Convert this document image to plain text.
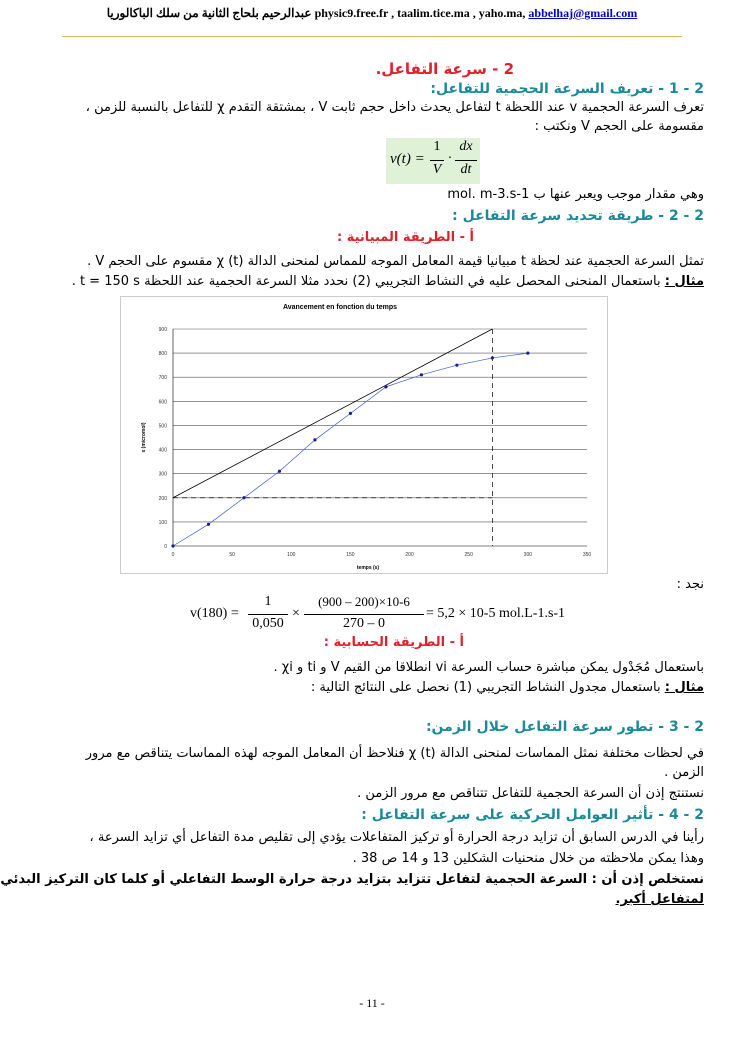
عبدالرحيم بلحاج الثانية من سلك الباكالوريا physic9.free.fr , taalim.tice.ma , yaho.ma, abbelhaj@gmail.com
2 - سرعة التفاعل.
2 - 1 - تعريف السرعة الحجمية للتفاعل:
تعرف السرعة الحجمية v عند اللحظة t لتفاعل يحدث داخل حجم ثابت V ، بمشتقة التقدم χ للتفاعل بالنسبة للزمن ،
مقسومة على الحجم V ونكتب :
v(t) =
1
V
·
dx
dt
وهي مقدار موجب ويعبر عنها ب mol. m-3.s-1
2 - 2 - طريقة تحديد سرعة التفاعل :
أ - الطريقة المبيانية :
تمثل السرعة الحجمية عند لحظة t مبيانيا قيمة المعامل الموجه للمماس لمنحنى الدالة χ (t) مقسوم على الحجم V .
مثال : باستعمال المنحنى المحصل عليه في النشاط التجريبي (2) نحدد مثلا السرعة الحجمية عند اللحظة t = 150 s .
Avancement en fonction du temps
0
100
200
300
400
500
600
700
800
900
0	50	100	150	200	250	300	350
x (micromol)
temps (s)
نجد :
v(180) =
1
0,050
×
(900 – 200)×10-6
270 – 0
= 5,2 × 10-5 mol.L-1.s-1
أ - الطريقة الحسابية :
باستعمال مُجَدْول يمكن مباشرة حساب السرعة vi انطلاقا من القيم V و ti و χi .
مثال : باستعمال مجدول النشاط التجريبي (1) نحصل على النتائج التالية :
2 - 3 - تطور سرعة التفاعل خلال الزمن:
في لحظات مختلفة نمثل المماسات لمنحنى الدالة χ (t) فنلاحظ أن المعامل الموجه لهذه المماسات يتناقص مع مرور
الزمن .
نستنتج إذن أن السرعة الحجمية للتفاعل تتناقص مع مرور الزمن .
2 - 4 - تأثير العوامل الحركية على سرعة التفاعل :
رأينا في الدرس السابق أن تزايد درجة الحرارة أو تركيز المتفاعلات يؤدي إلى تقليص مدة التفاعل أي تزايد السرعة ،
وهذا يمكن ملاحظته من خلال منحنيات الشكلين 13 و 14 ص 38 .
نستخلص إذن أن : السرعة الحجمية لتفاعل تتزايد بتزايد درجة حرارة الوسط التفاعلي أو كلما كان التركيز البدئي
لمتفاعل أكبر.
- 11 -
